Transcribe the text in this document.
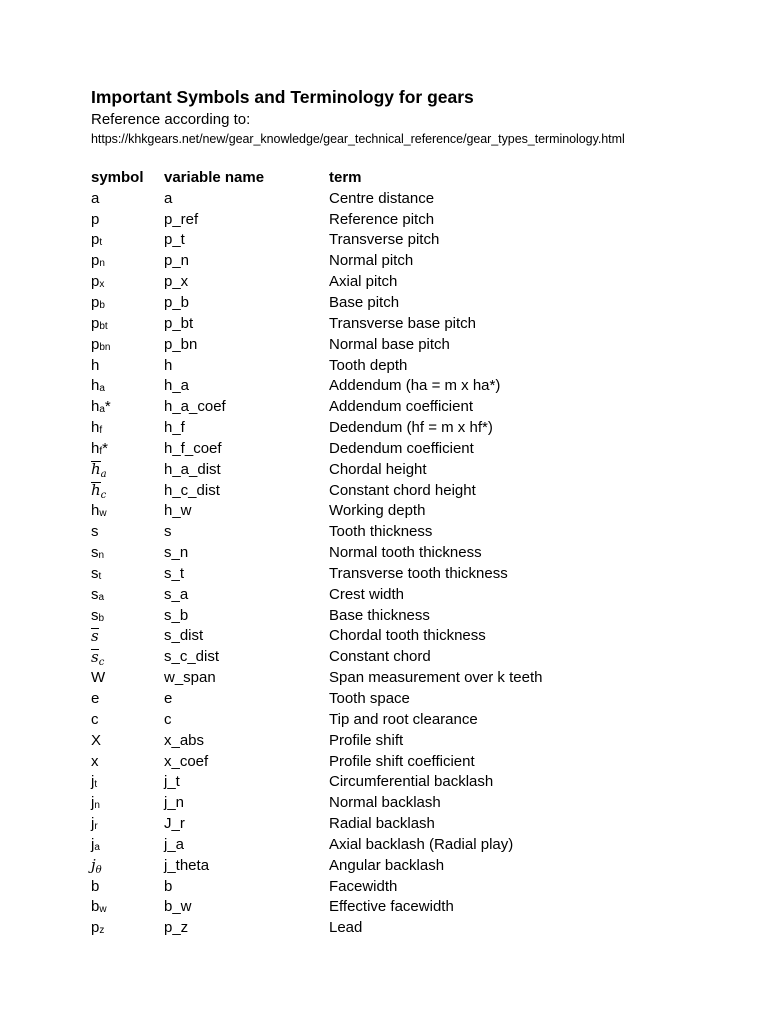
Important Symbols and Terminology for gears
Reference according to:
https://khkgears.net/new/gear_knowledge/gear_technical_reference/gear_types_terminology.html
symbol	variable name	term
a	a	Centre distance
p	p_ref	Reference pitch
$p_t$	p_t	Transverse pitch
$p_n$	p_n	Normal pitch
$p_x$	p_x	Axial pitch
$p_b$	p_b	Base pitch
$p_{bt}$	p_bt	Transverse base pitch
$p_{bn}$	p_bn	Normal base pitch
h	h	Tooth depth
$h_a$	h_a	Addendum (ha = m x ha*)
$h_a*$	h_a_coef	Addendum coefficient
$h_f$	h_f	Dedendum (hf = m x hf*)
$h_f*$	h_f_coef	Dedendum coefficient
$h_a$	h_a_dist	Chordal height
$h_c$	h_c_dist	Constant chord height
$h_w$	h_w	Working depth
s	s	Tooth thickness
$s_n$	s_n	Normal tooth thickness
$s_t$	s_t	Transverse tooth thickness
$s_a$	s_a	Crest width
$s_b$	s_b	Base thickness
s	s_dist	Chordal tooth thickness
$s_c$	s_c_dist	Constant chord
W	w_span	Span measurement over k teeth
e	e	Tooth space
c	c	Tip and root clearance
X	x_abs	Profile shift
x	x_coef	Profile shift coefficient
$j_t$	j_t	Circumferential backlash
$j_n$	j_n	Normal backlash
$j_r$	J_r	Radial backlash
$j_a$	j_a	Axial backlash (Radial play)
$j_\theta$	j_theta	Angular backlash
b	b	Facewidth
$b_w$	b_w	Effective facewidth
$p_z$	p_z	Lead
